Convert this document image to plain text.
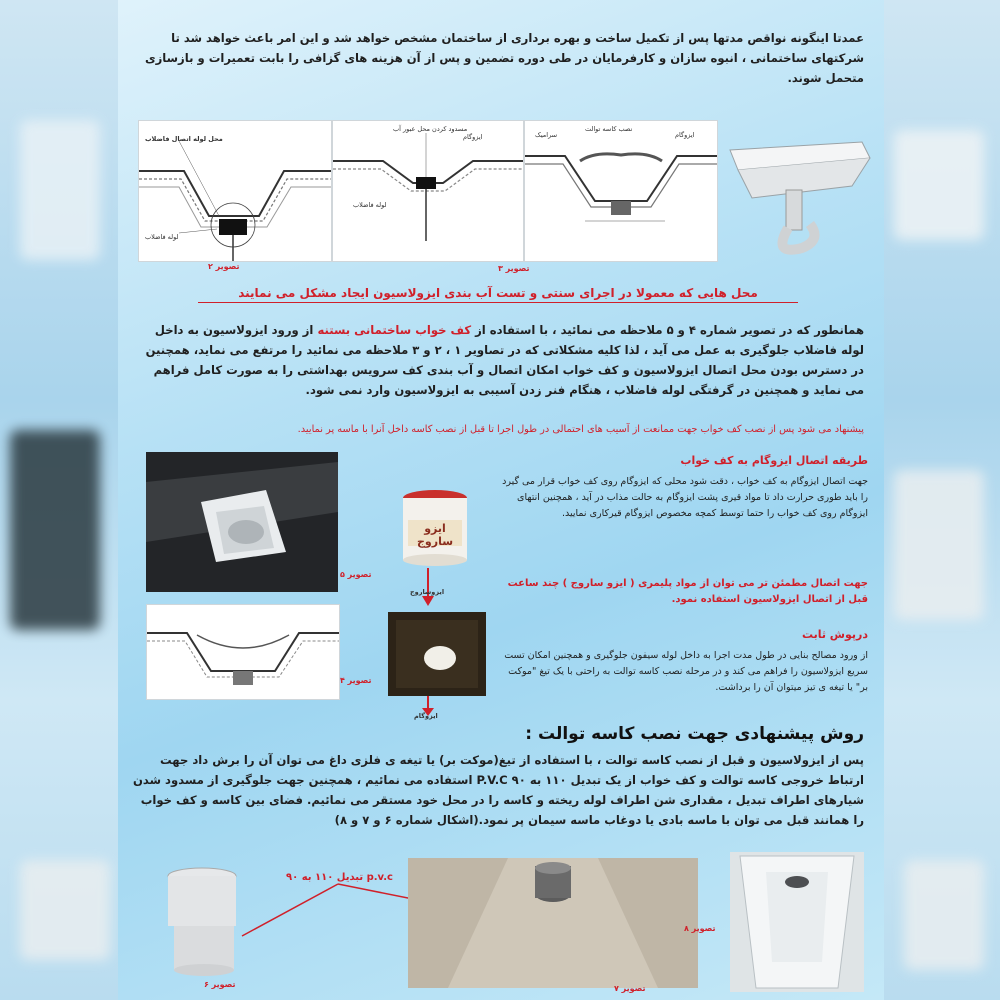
عمدتا اینگونه نواقص مدتها پس از تکمیل ساخت و بهره برداری از ساختمان مشخص خواهد شد و این امر باعث خواهد شد تا شرکتهای ساختمانی ، انبوه سازان و کارفرمایان در طی دوره تضمین و پس از آن هزینه های گزافی را بابت تعمیرات و بازسازی متحمل شوند.
محل لوله اتصال فاضلاب
لوله فاضلاب
مسدود کردن محل عبور آب
ایزوگام
لوله فاضلاب
نصب کاسه توالت
ایزوگام
سرامیک
تصویر ۲	تصویر ۳
محل هایی که معمولا در اجرای سنتی و تست آب بندی ایزولاسیون ایجاد مشکل می نمایند
همانطور که در تصویر شماره ۴ و ۵ ملاحظه می نمائید ، با استفاده از کف خواب ساختمانی بستنه از ورود ایزولاسیون به داخل لوله فاضلاب جلوگیری به عمل می آید ، لذا کلیه مشکلاتی که در تصاویر ۱ ، ۲ و ۳ ملاحظه می نمائید را مرتفع می نماید، همچنین در دسترس بودن محل اتصال ایزولاسیون و کف خواب امکان اتصال و آب بندی کف سرویس بهداشتی را به صورت کامل فراهم می نماید و همچنین در گرفتگی لوله فاضلاب ، هنگام فنر زدن آسیبی به ایزولاسیون وارد نمی شود.
پیشنهاد می شود پس از نصب کف خواب جهت ممانعت از آسیب های احتمالی در طول اجرا تا قبل از نصب کاسه داخل آنرا با ماسه پر نمایید.
تصویر ۵
ایزو ساروج
ایزوساروج
تصویر ۴
ایزوگام
طریقه اتصال ایزوگام به کف خواب
جهت اتصال ایزوگام به کف خواب ، دقت شود محلی که ایزوگام روی کف خواب قرار می گیرد را باید طوری حرارت داد تا مواد قیری پشت ایزوگام به حالت مذاب در آید ، همچنین انتهای ایزوگام روی کف خواب را حتما توسط کمچه مخصوص ایزوگام قیرکاری نمایید.
جهت اتصال مطمئن تر می توان از مواد پلیمری ( ایزو ساروج ) چند ساعت قبل از اتصال ایزولاسیون استفاده نمود.
درپوش ثابت
از ورود مصالح بنایی در طول مدت اجرا به داخل لوله سیفون جلوگیری و همچنین امکان تست سریع ایزولاسیون را فراهم می کند و در مرحله نصب کاسه توالت به راحتی با یک تیغ "موکت بر" یا تیغه ی تیز میتوان آن را برداشت.
روش پیشنهادی جهت نصب کاسه توالت :
پس از ایزولاسیون و قبل از نصب کاسه توالت ، با استفاده از تیغ(موکت بر) یا تیغه ی فلزی داغ می توان آن را برش داد جهت ارتباط خروجی کاسه توالت و کف خواب از یک تبدیل ۱۱۰ به ۹۰ P.V.C استفاده می نمائیم ، همچنین جهت جلوگیری از مسدود شدن شیارهای اطراف تبدیل ، مقداری شن اطراف لوله ریخته و کاسه را در محل خود مستقر می نمائیم. فضای بین کاسه و کف خواب را همانند قبل می توان با ماسه بادی یا دوغاب ماسه سیمان پر نمود.(اشکال شماره ۶ و ۷ و ۸)
تصویر ۶
تبدیل ۱۱۰ به ۹۰ p.v.c
تصویر ۷
تصویر ۸
